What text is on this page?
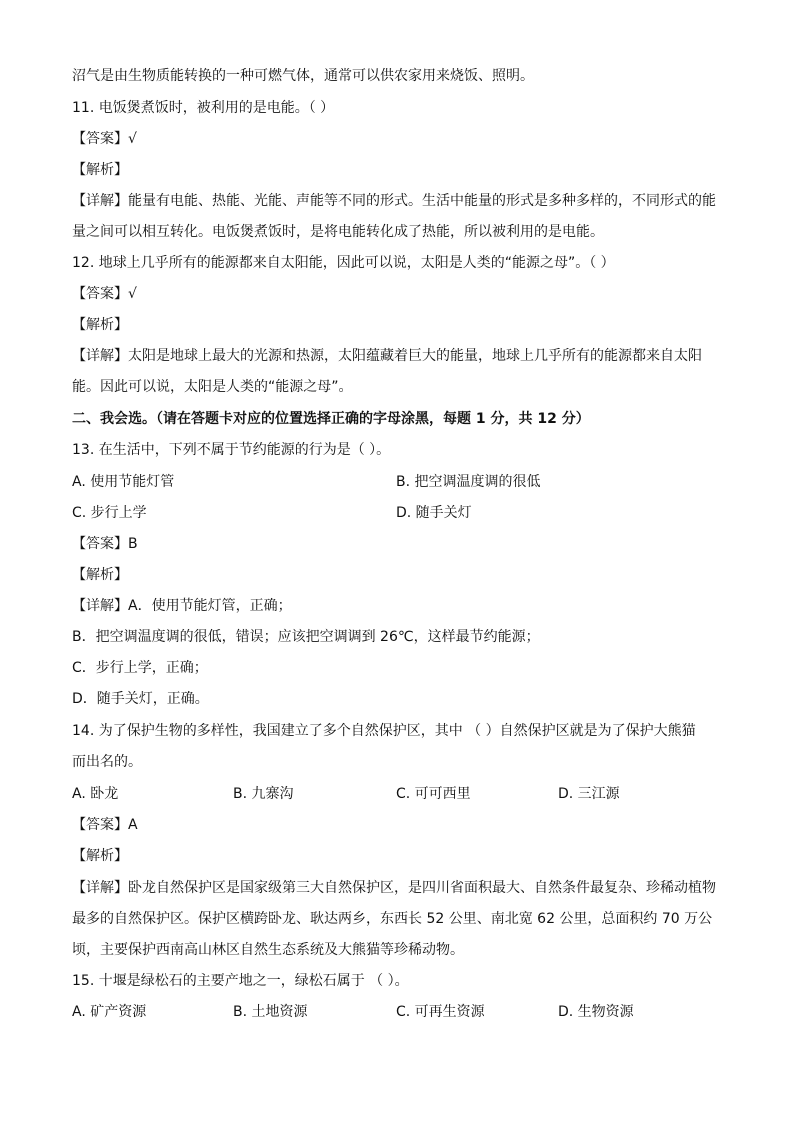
沼气是由生物质能转换的一种可燃气体，通常可以供农家用来烧饭、照明。
11. 电饭煲煮饭时，被利用的是电能。（ ）
【答案】√
【解析】
【详解】能量有电能、热能、光能、声能等不同的形式。生活中能量的形式是多种多样的，不同形式的能
量之间可以相互转化。电饭煲煮饭时，是将电能转化成了热能，所以被利用的是电能。
12. 地球上几乎所有的能源都来自太阳能，因此可以说，太阳是人类的“能源之母”。（ ）
【答案】√
【解析】
【详解】太阳是地球上最大的光源和热源，太阳蕴藏着巨大的能量，地球上几乎所有的能源都来自太阳
能。因此可以说，太阳是人类的“能源之母”。
二、我会选。（请在答题卡对应的位置选择正确的字母涂黑，每题 1 分，共 12 分）
13. 在生活中，下列不属于节约能源的行为是（ ）。
A. 使用节能灯管	B. 把空调温度调的很低
C. 步行上学	D. 随手关灯
【答案】B
【解析】
【详解】A．使用节能灯管，正确；
B．把空调温度调的很低，错误；应该把空调调到 26℃，这样最节约能源；
C．步行上学，正确；
D．随手关灯，正确。
14. 为了保护生物的多样性，我国建立了多个自然保护区，其中 （ ）自然保护区就是为了保护大熊猫
而出名的。
A. 卧龙	B. 九寨沟	C. 可可西里	D. 三江源
【答案】A
【解析】
【详解】卧龙自然保护区是国家级第三大自然保护区，是四川省面积最大、自然条件最复杂、珍稀动植物
最多的自然保护区。保护区横跨卧龙、耿达两乡，东西长 52 公里、南北宽 62 公里，总面积约 70 万公
顷，主要保护西南高山林区自然生态系统及大熊猫等珍稀动物。
15. 十堰是绿松石的主要产地之一，绿松石属于 （ ）。
A. 矿产资源	B. 土地资源	C. 可再生资源	D. 生物资源
